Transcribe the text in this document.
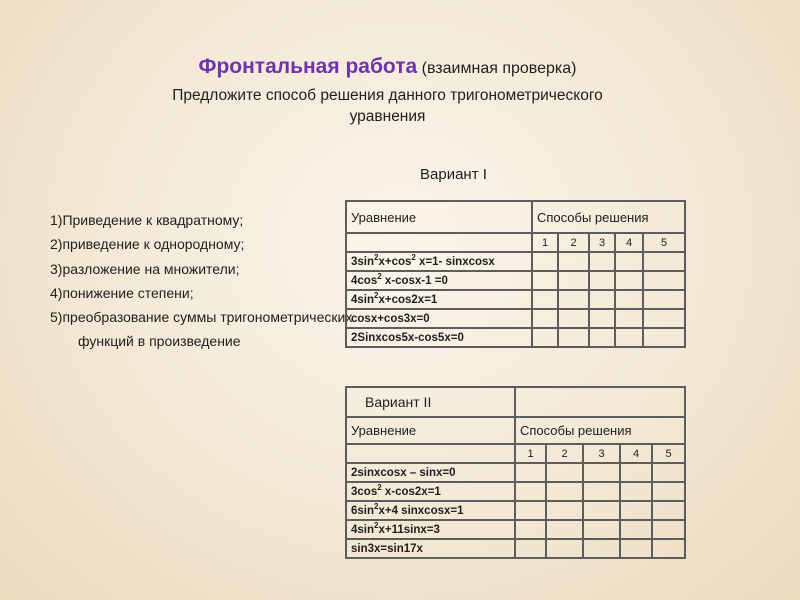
Фронтальная работа (взаимная проверка)
Предложите способ решения данного тригонометрического
уравнения
Вариант I
1)Приведение к квадратному;
2)приведение к однородному;
3)разложение на множители;
4)понижение степени;
5)преобразование суммы тригонометрических
функций в произведение
Уравнение	Способы решения				
	1	2	3	4	5
$3\sin^2x+\cos^2$ x=1- sinxcosx					
$4\cos^2$ x-cosx-1 =0					
$4\sin^2x+\cos 2x=1$					
cosx+cos3x=0					
2Sinxcos5x-cos5x=0					
Вариант II					
Уравнение	Способы решения				
	1	2	3	4	5
2sinxcosx – sinx=0					
$3\cos^2$ x-cos2x=1					
$6\sin^2x+4$ sinxcosx=1					
$4\sin^2x+11\sin x=3$					
sin3x=sin17x					
